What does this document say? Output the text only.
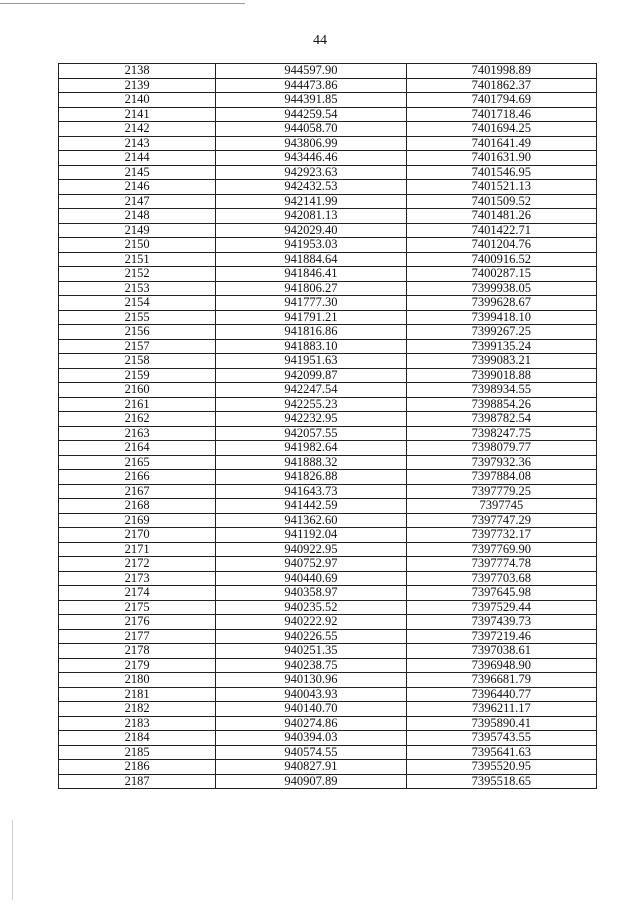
44
2138	944597.90	7401998.89
2139	944473.86	7401862.37
2140	944391.85	7401794.69
2141	944259.54	7401718.46
2142	944058.70	7401694.25
2143	943806.99	7401641.49
2144	943446.46	7401631.90
2145	942923.63	7401546.95
2146	942432.53	7401521.13
2147	942141.99	7401509.52
2148	942081.13	7401481.26
2149	942029.40	7401422.71
2150	941953.03	7401204.76
2151	941884.64	7400916.52
2152	941846.41	7400287.15
2153	941806.27	7399938.05
2154	941777.30	7399628.67
2155	941791.21	7399418.10
2156	941816.86	7399267.25
2157	941883.10	7399135.24
2158	941951.63	7399083.21
2159	942099.87	7399018.88
2160	942247.54	7398934.55
2161	942255.23	7398854.26
2162	942232.95	7398782.54
2163	942057.55	7398247.75
2164	941982.64	7398079.77
2165	941888.32	7397932.36
2166	941826.88	7397884.08
2167	941643.73	7397779.25
2168	941442.59	7397745
2169	941362.60	7397747.29
2170	941192.04	7397732.17
2171	940922.95	7397769.90
2172	940752.97	7397774.78
2173	940440.69	7397703.68
2174	940358.97	7397645.98
2175	940235.52	7397529.44
2176	940222.92	7397439.73
2177	940226.55	7397219.46
2178	940251.35	7397038.61
2179	940238.75	7396948.90
2180	940130.96	7396681.79
2181	940043.93	7396440.77
2182	940140.70	7396211.17
2183	940274.86	7395890.41
2184	940394.03	7395743.55
2185	940574.55	7395641.63
2186	940827.91	7395520.95
2187	940907.89	7395518.65
